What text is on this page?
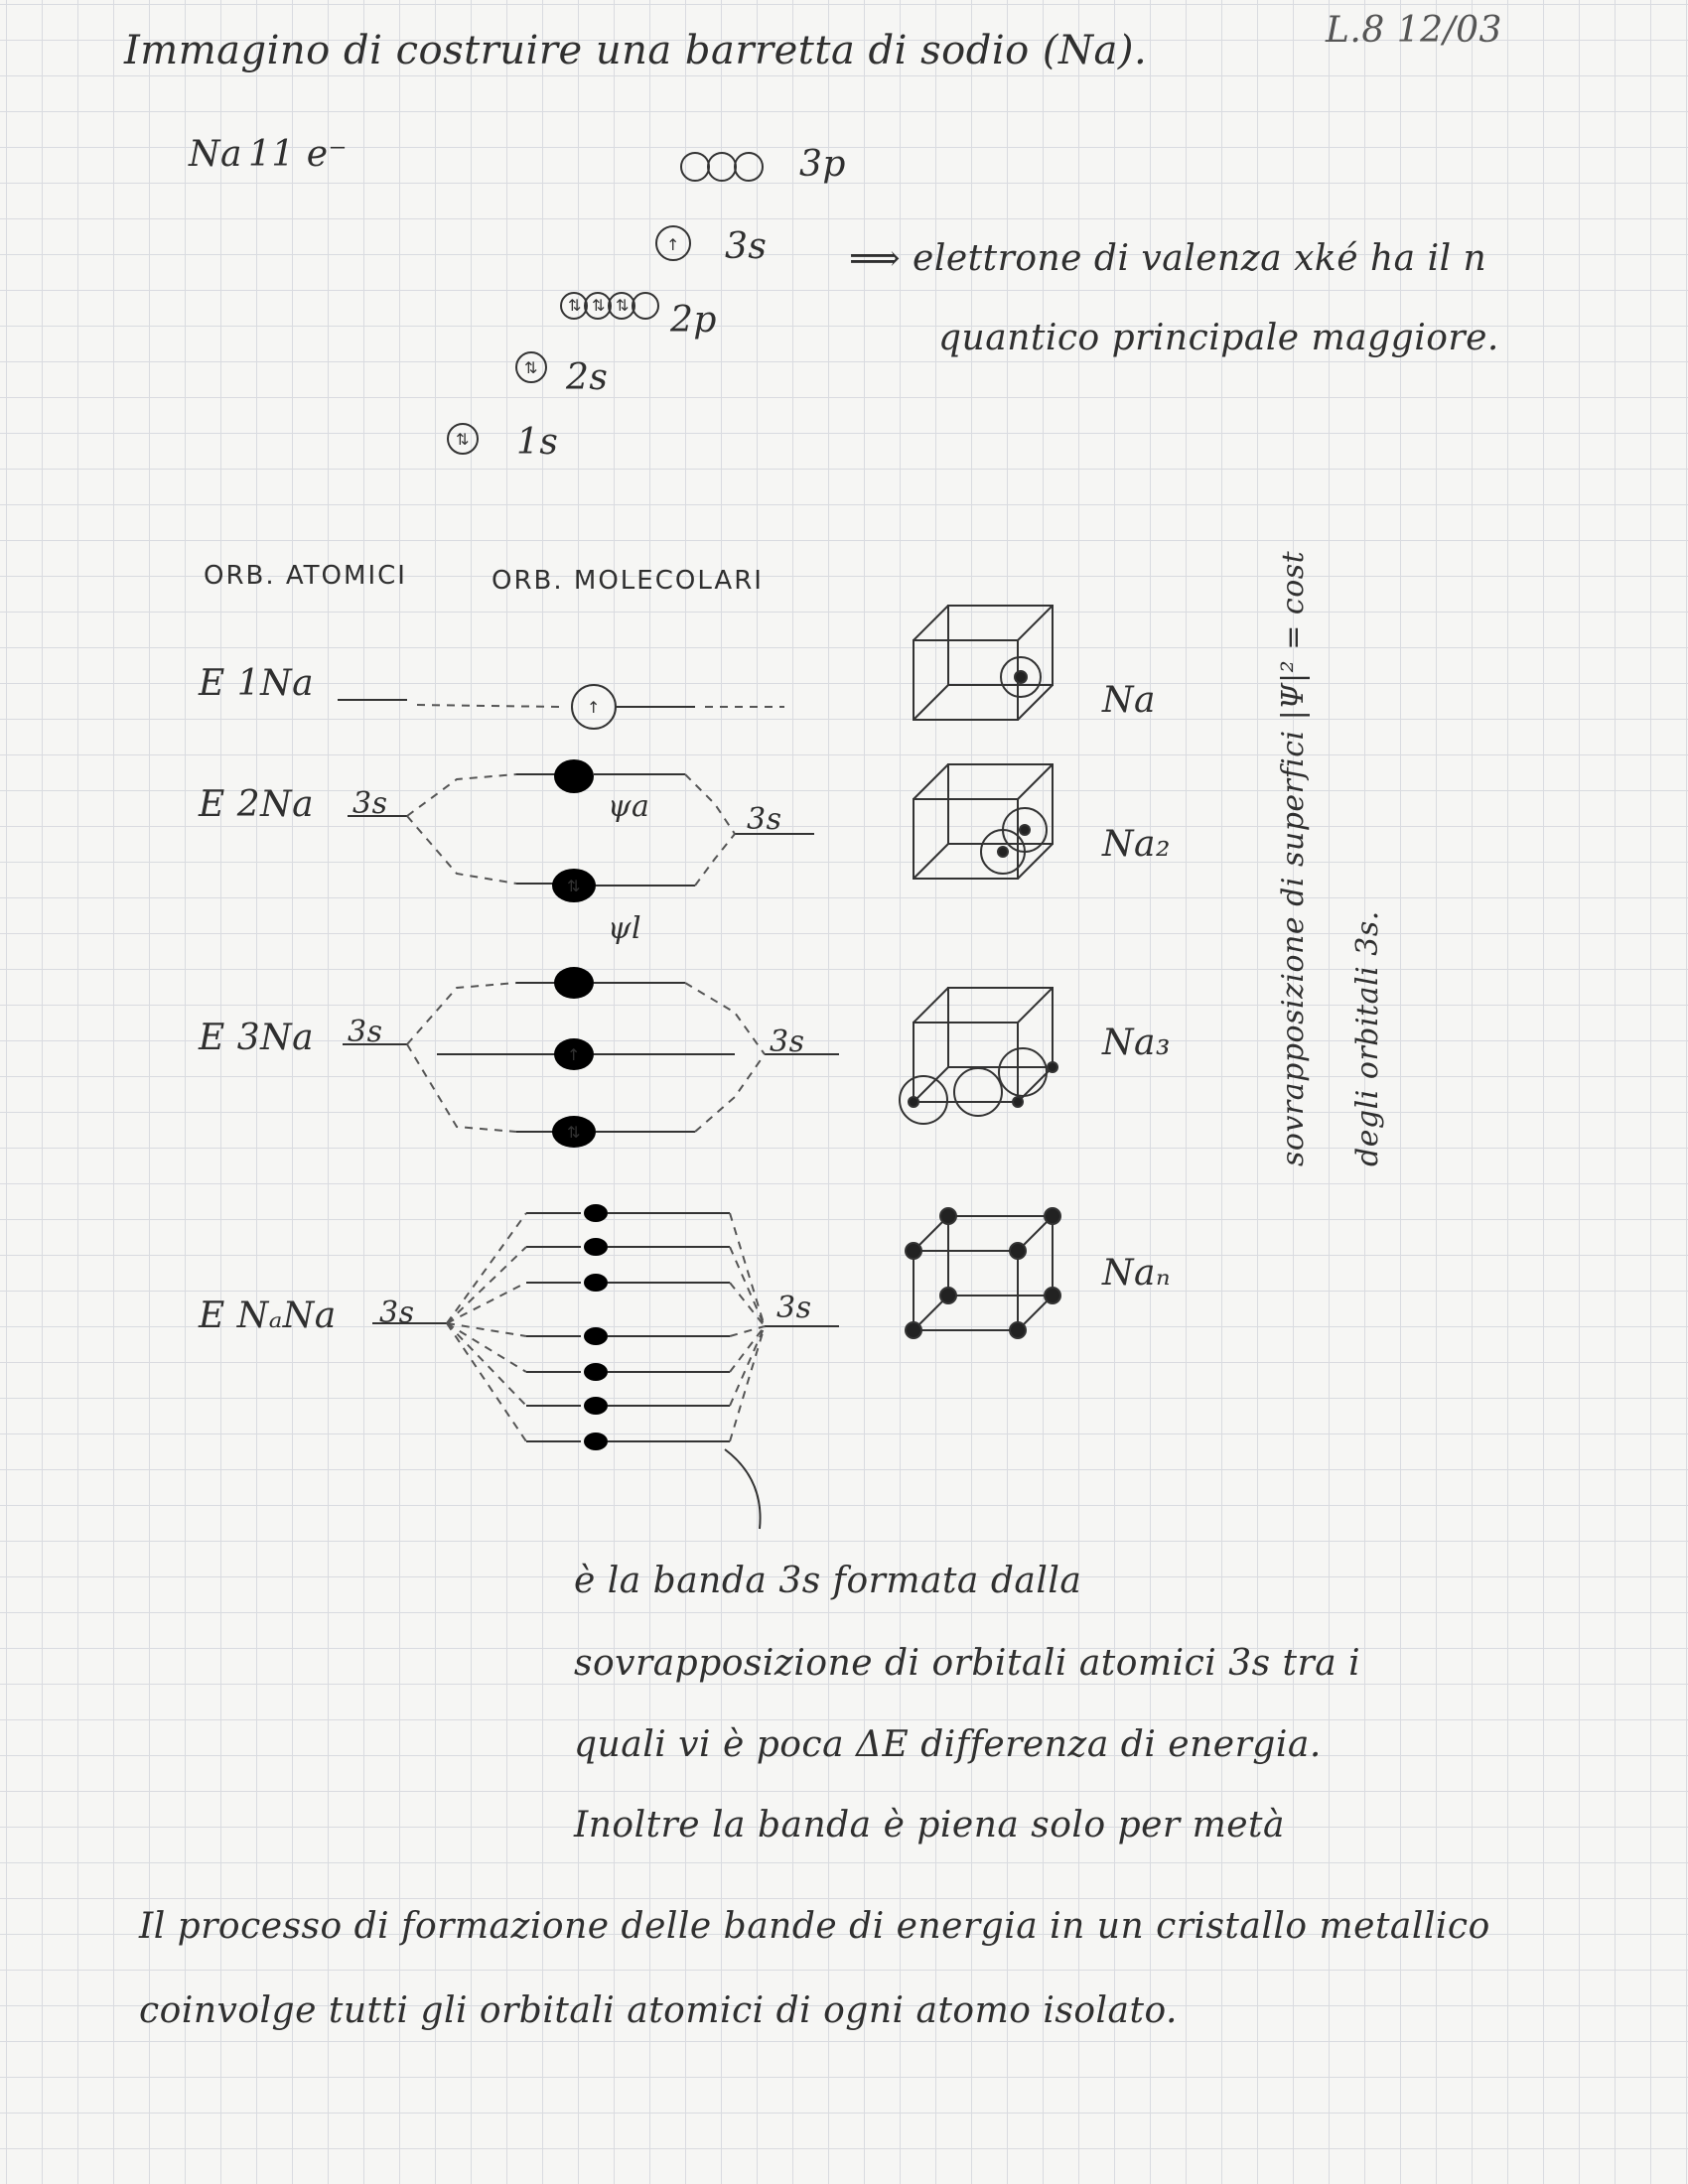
Immagino di costruire una barretta di sodio (Na).	L.8 12/03
Na 11 e⁻	3p
3s
2p
2s
1s
⟹ elettrone di valenza xké ha il n
quantico principale maggiore.
ORB. ATOMICI	ORB. MOLECOLARI
E 1Na
E 2Na 3s	3s
ψa
ψl
E 3Na 3s	3s
E NₐNa 3s	3s
Na
Na₂
Na₃
Naₙ
sovrapposizione di superfici |Ψ|² = cost degli orbitali 3s.
è la banda 3s formata dalla
sovrapposizione di orbitali atomici 3s tra i
quali vi è poca ΔE differenza di energia.
Inoltre la banda è piena solo per metà
Il processo di formazione delle bande di energia in un cristallo metallico
coinvolge tutti gli orbitali atomici di ogni atomo isolato.
↑
⇅ ⇅ ⇅
⇅
⇅
↑
⇅
↑
⇅
